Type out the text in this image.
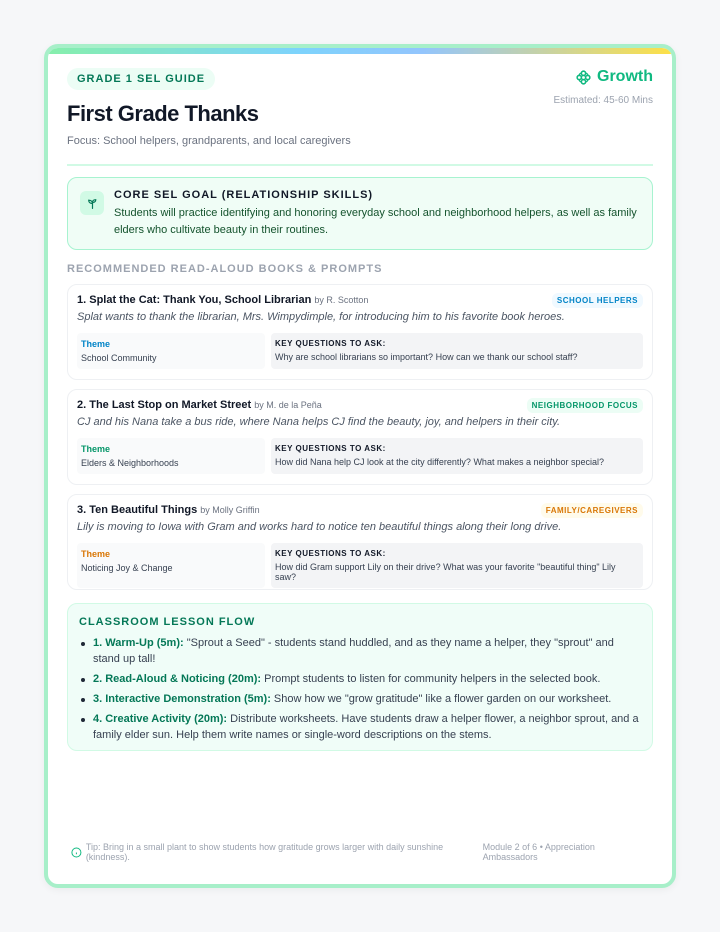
GRADE 1 SEL GUIDE
First Grade Thanks
Focus: School helpers, grandparents, and local caregivers
Growth
Estimated: 45-60 Mins
CORE SEL GOAL (RELATIONSHIP SKILLS)
Students will practice identifying and honoring everyday school and neighborhood helpers, as well as family elders who cultivate beauty in their routines.
RECOMMENDED READ-ALOUD BOOKS & PROMPTS
1. Splat the Cat: Thank You, School Librarian by R. Scotton	SCHOOL HELPERS
Splat wants to thank the librarian, Mrs. Wimpydimple, for introducing him to his favorite book heroes.
Theme
School Community
KEY QUESTIONS TO ASK:
Why are school librarians so important? How can we thank our school staff?
2. The Last Stop on Market Street by M. de la Peña	NEIGHBORHOOD FOCUS
CJ and his Nana take a bus ride, where Nana helps CJ find the beauty, joy, and helpers in their city.
Theme
Elders & Neighborhoods
KEY QUESTIONS TO ASK:
How did Nana help CJ look at the city differently? What makes a neighbor special?
3. Ten Beautiful Things by Molly Griffin	FAMILY/CAREGIVERS
Lily is moving to Iowa with Gram and works hard to notice ten beautiful things along their long drive.
Theme
Noticing Joy & Change
KEY QUESTIONS TO ASK:
How did Gram support Lily on their drive? What was your favorite "beautiful thing" Lily saw?
CLASSROOM LESSON FLOW
1. Warm-Up (5m): "Sprout a Seed" - students stand huddled, and as they name a helper, they "sprout" and stand up tall!
2. Read-Aloud & Noticing (20m): Prompt students to listen for community helpers in the selected book.
3. Interactive Demonstration (5m): Show how we "grow gratitude" like a flower garden on our worksheet.
4. Creative Activity (20m): Distribute worksheets. Have students draw a helper flower, a neighbor sprout, and a family elder sun. Help them write names or single-word descriptions on the stems.
Tip: Bring in a small plant to show students how gratitude grows larger with daily sunshine (kindness).
Module 2 of 6 • Appreciation Ambassadors
